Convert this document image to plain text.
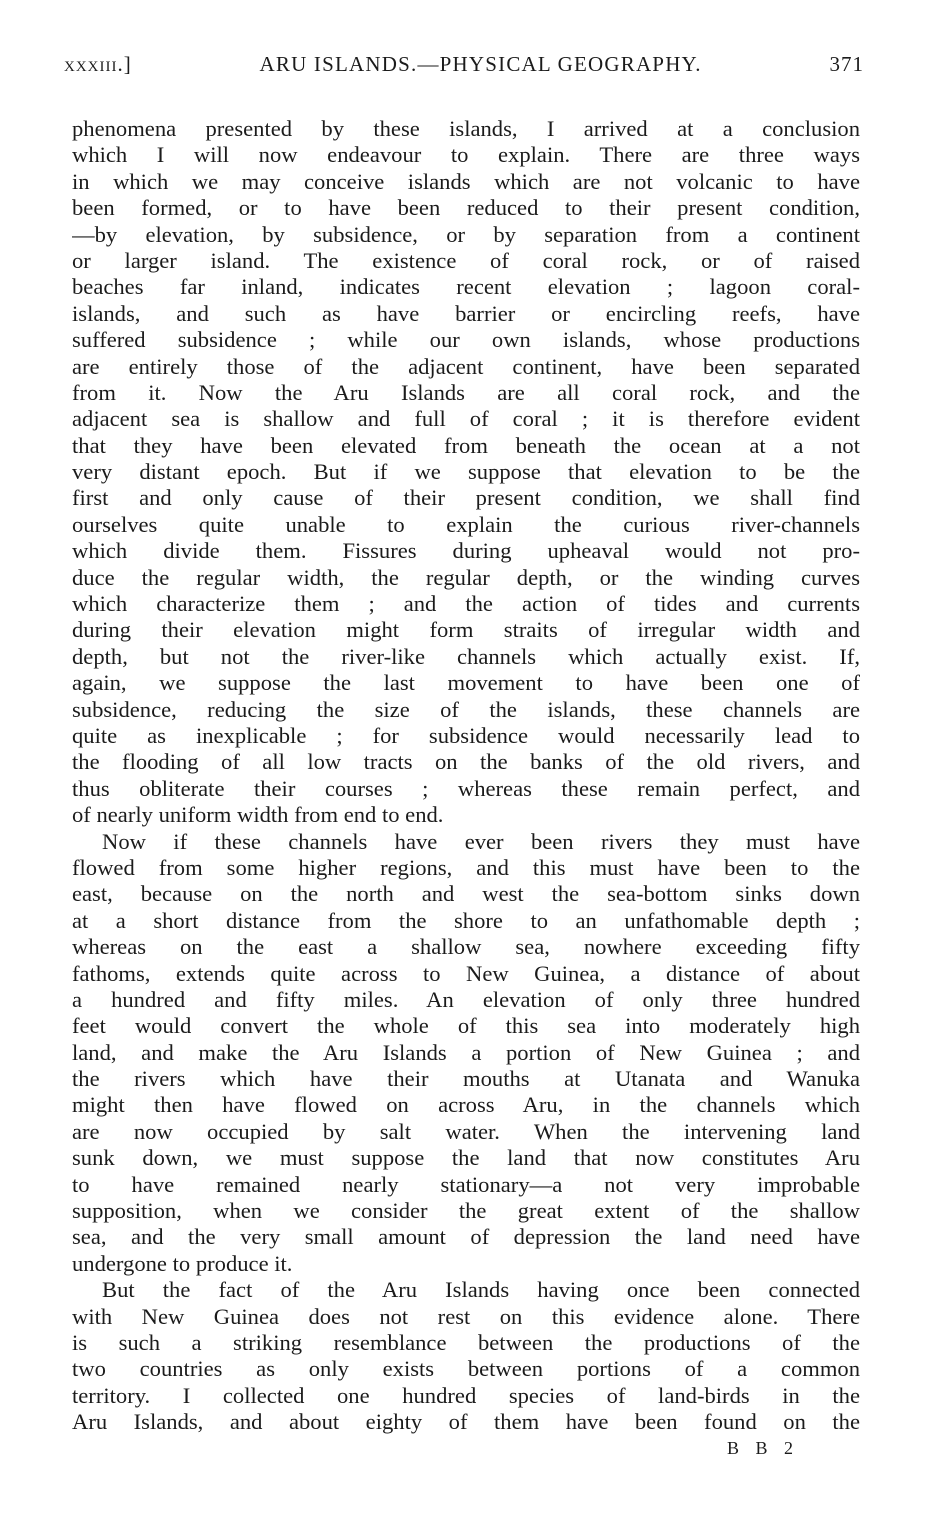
xxxiii.]	ARU ISLANDS.—PHYSICAL GEOGRAPHY.	371
phenomena presented by these islands, I arrived at a conclusion
which I will now endeavour to explain. There are three ways
in which we may conceive islands which are not volcanic to have
been formed, or to have been reduced to their present condition,
—by elevation, by subsidence, or by separation from a continent
or larger island. The existence of coral rock, or of raised
beaches far inland, indicates recent elevation ; lagoon coral-
islands, and such as have barrier or encircling reefs, have
suffered subsidence ; while our own islands, whose productions
are entirely those of the adjacent continent, have been separated
from it. Now the Aru Islands are all coral rock, and the
adjacent sea is shallow and full of coral ; it is therefore evident
that they have been elevated from beneath the ocean at a not
very distant epoch. But if we suppose that elevation to be the
first and only cause of their present condition, we shall find
ourselves quite unable to explain the curious river-channels
which divide them. Fissures during upheaval would not pro-
duce the regular width, the regular depth, or the winding curves
which characterize them ; and the action of tides and currents
during their elevation might form straits of irregular width and
depth, but not the river-like channels which actually exist. If,
again, we suppose the last movement to have been one of
subsidence, reducing the size of the islands, these channels are
quite as inexplicable ; for subsidence would necessarily lead to
the flooding of all low tracts on the banks of the old rivers, and
thus obliterate their courses ; whereas these remain perfect, and
of nearly uniform width from end to end.
Now if these channels have ever been rivers they must have
flowed from some higher regions, and this must have been to the
east, because on the north and west the sea-bottom sinks down
at a short distance from the shore to an unfathomable depth ;
whereas on the east a shallow sea, nowhere exceeding fifty
fathoms, extends quite across to New Guinea, a distance of about
a hundred and fifty miles. An elevation of only three hundred
feet would convert the whole of this sea into moderately high
land, and make the Aru Islands a portion of New Guinea ; and
the rivers which have their mouths at Utanata and Wanuka
might then have flowed on across Aru, in the channels which
are now occupied by salt water. When the intervening land
sunk down, we must suppose the land that now constitutes Aru
to have remained nearly stationary—a not very improbable
supposition, when we consider the great extent of the shallow
sea, and the very small amount of depression the land need have
undergone to produce it.
But the fact of the Aru Islands having once been connected
with New Guinea does not rest on this evidence alone. There
is such a striking resemblance between the productions of the
two countries as only exists between portions of a common
territory. I collected one hundred species of land-birds in the
Aru Islands, and about eighty of them have been found on the
B B 2
